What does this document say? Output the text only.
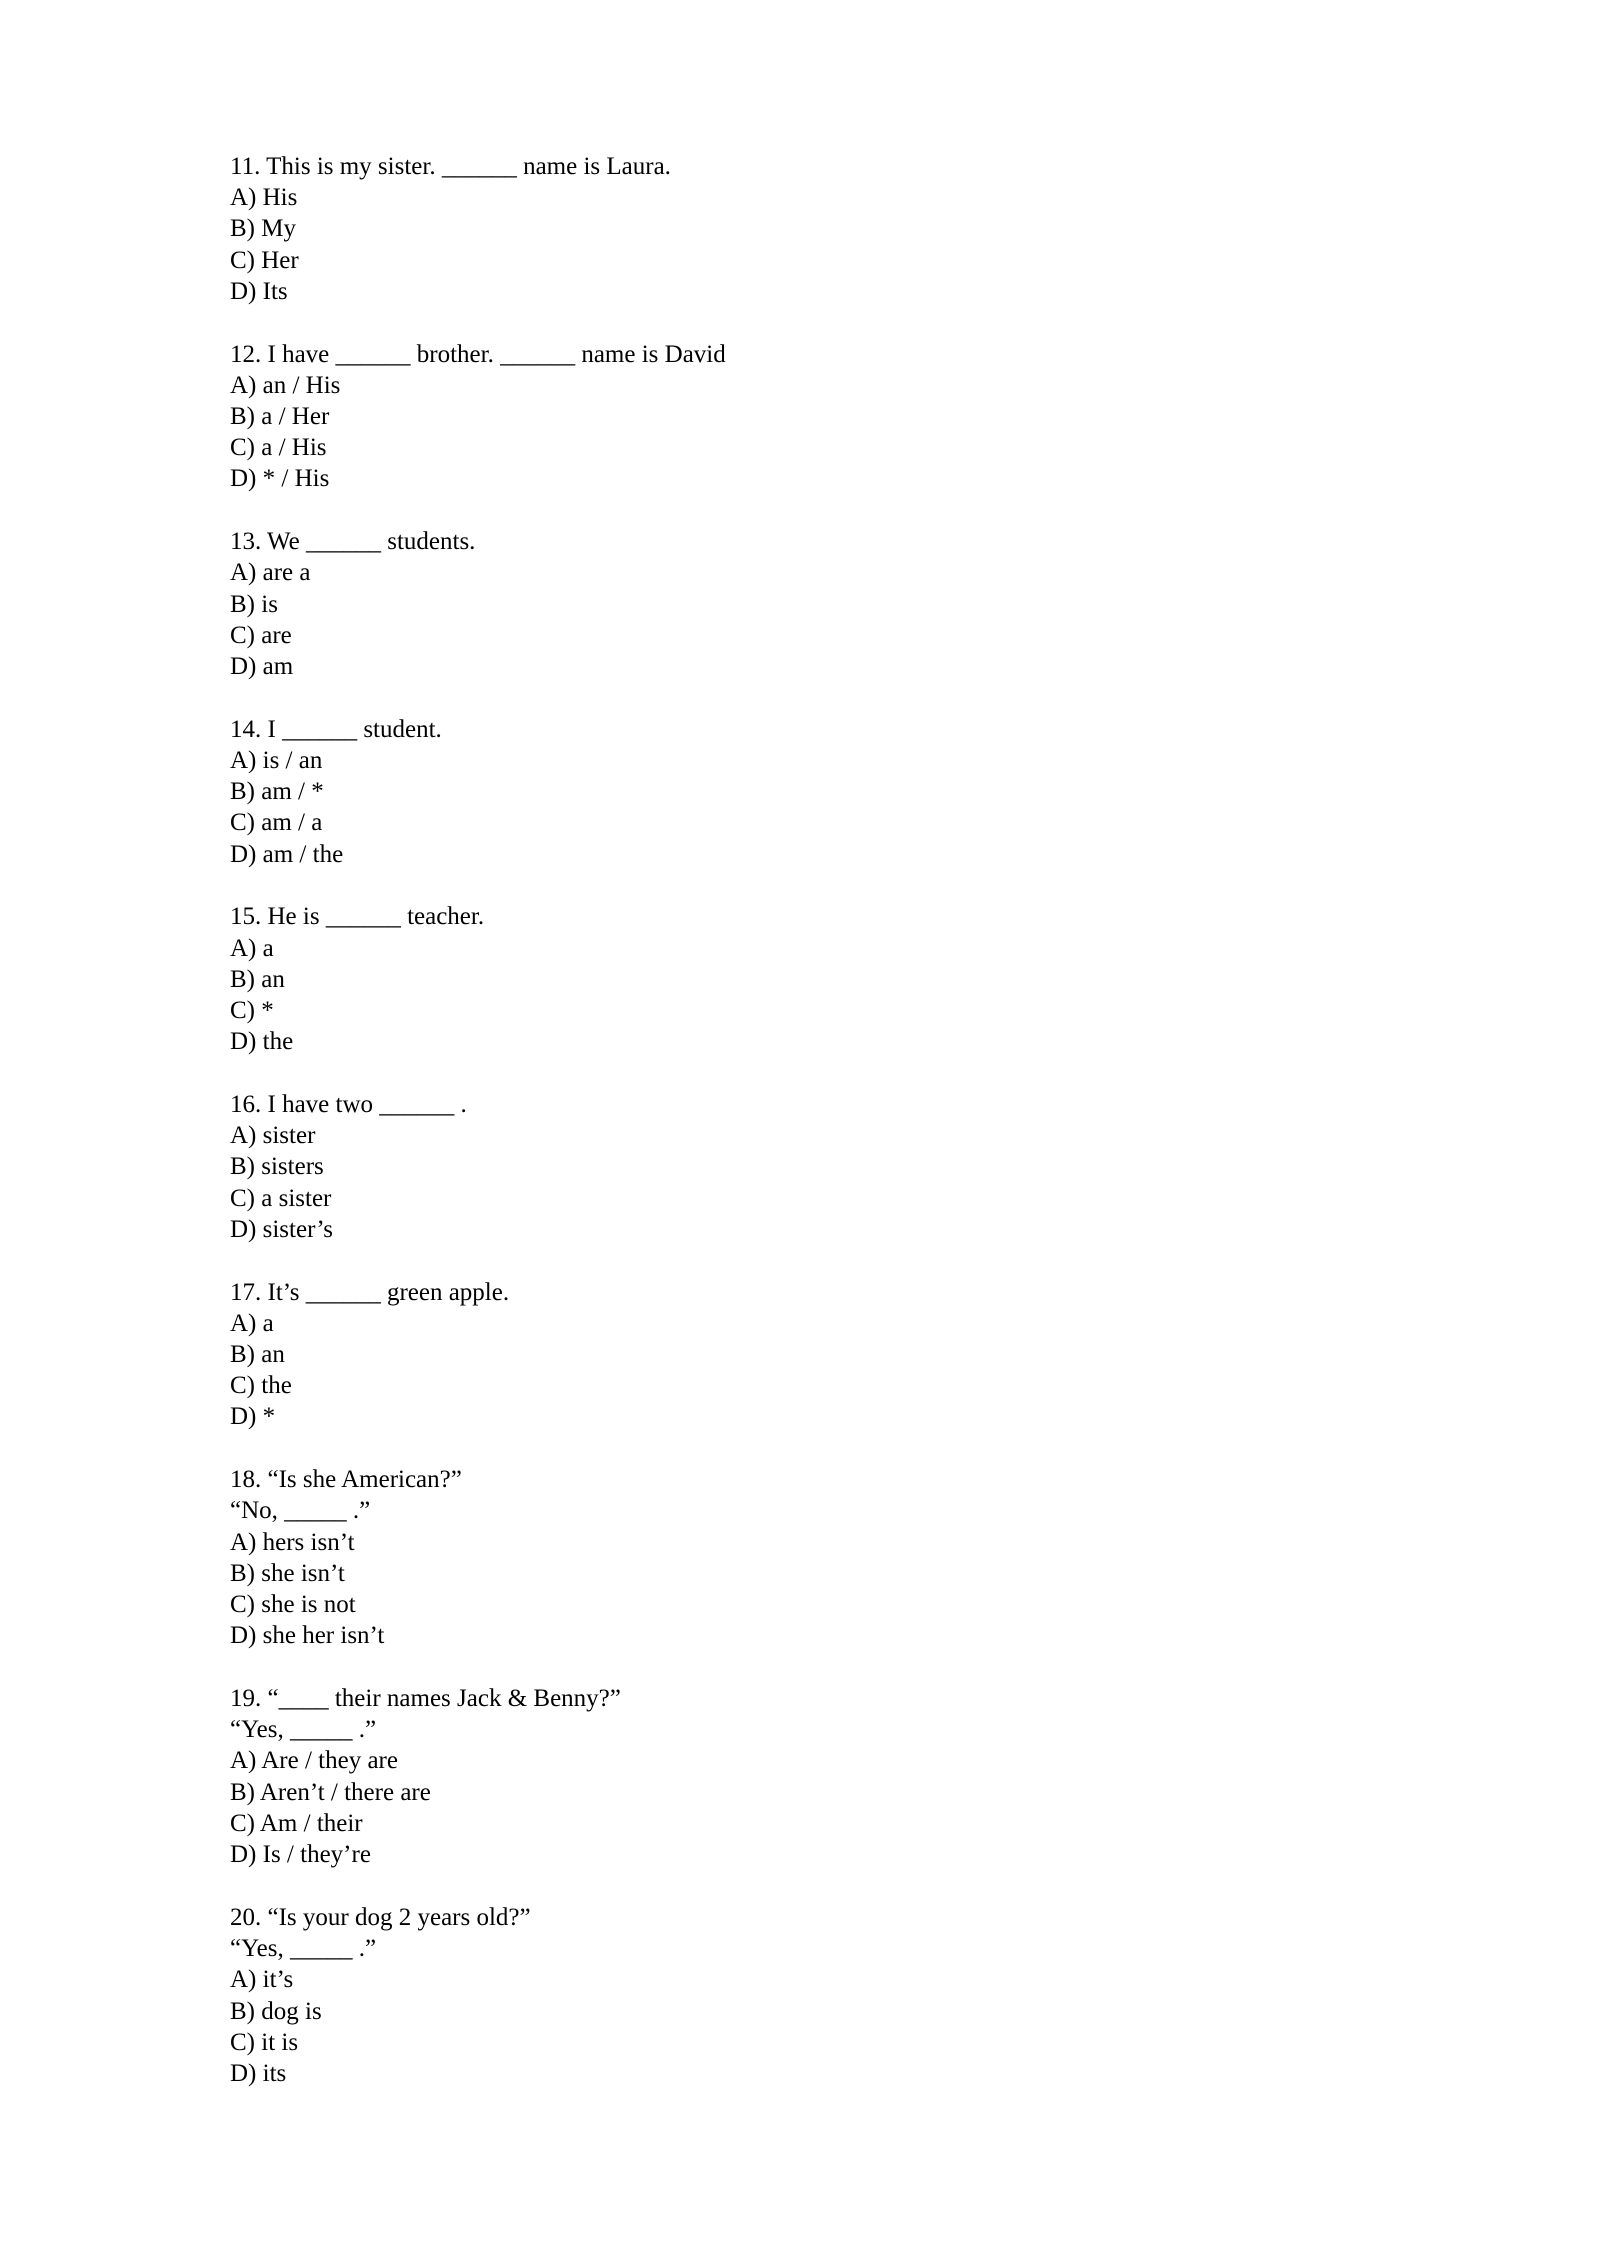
11. This is my sister. ______ name is Laura.
A) His
B) My
C) Her
D) Its
12. I have ______ brother. ______ name is David
A) an / His
B) a / Her
C) a / His
D) * / His
13. We ______ students.
A) are a
B) is
C) are
D) am
14. I ______ student.
A) is / an
B) am / *
C) am / a
D) am / the
15. He is ______ teacher.
A) a
B) an
C) *
D) the
16. I have two ______ .
A) sister
B) sisters
C) a sister
D) sister’s
17. It’s ______ green apple.
A) a
B) an
C) the
D) *
18. “Is she American?”
“No, _____ .”
A) hers isn’t
B) she isn’t
C) she is not
D) she her isn’t
19. “____ their names Jack & Benny?”
“Yes, _____ .”
A) Are / they are
B) Aren’t / there are
C) Am / their
D) Is / they’re
20. “Is your dog 2 years old?”
“Yes, _____ .”
A) it’s
B) dog is
C) it is
D) its
